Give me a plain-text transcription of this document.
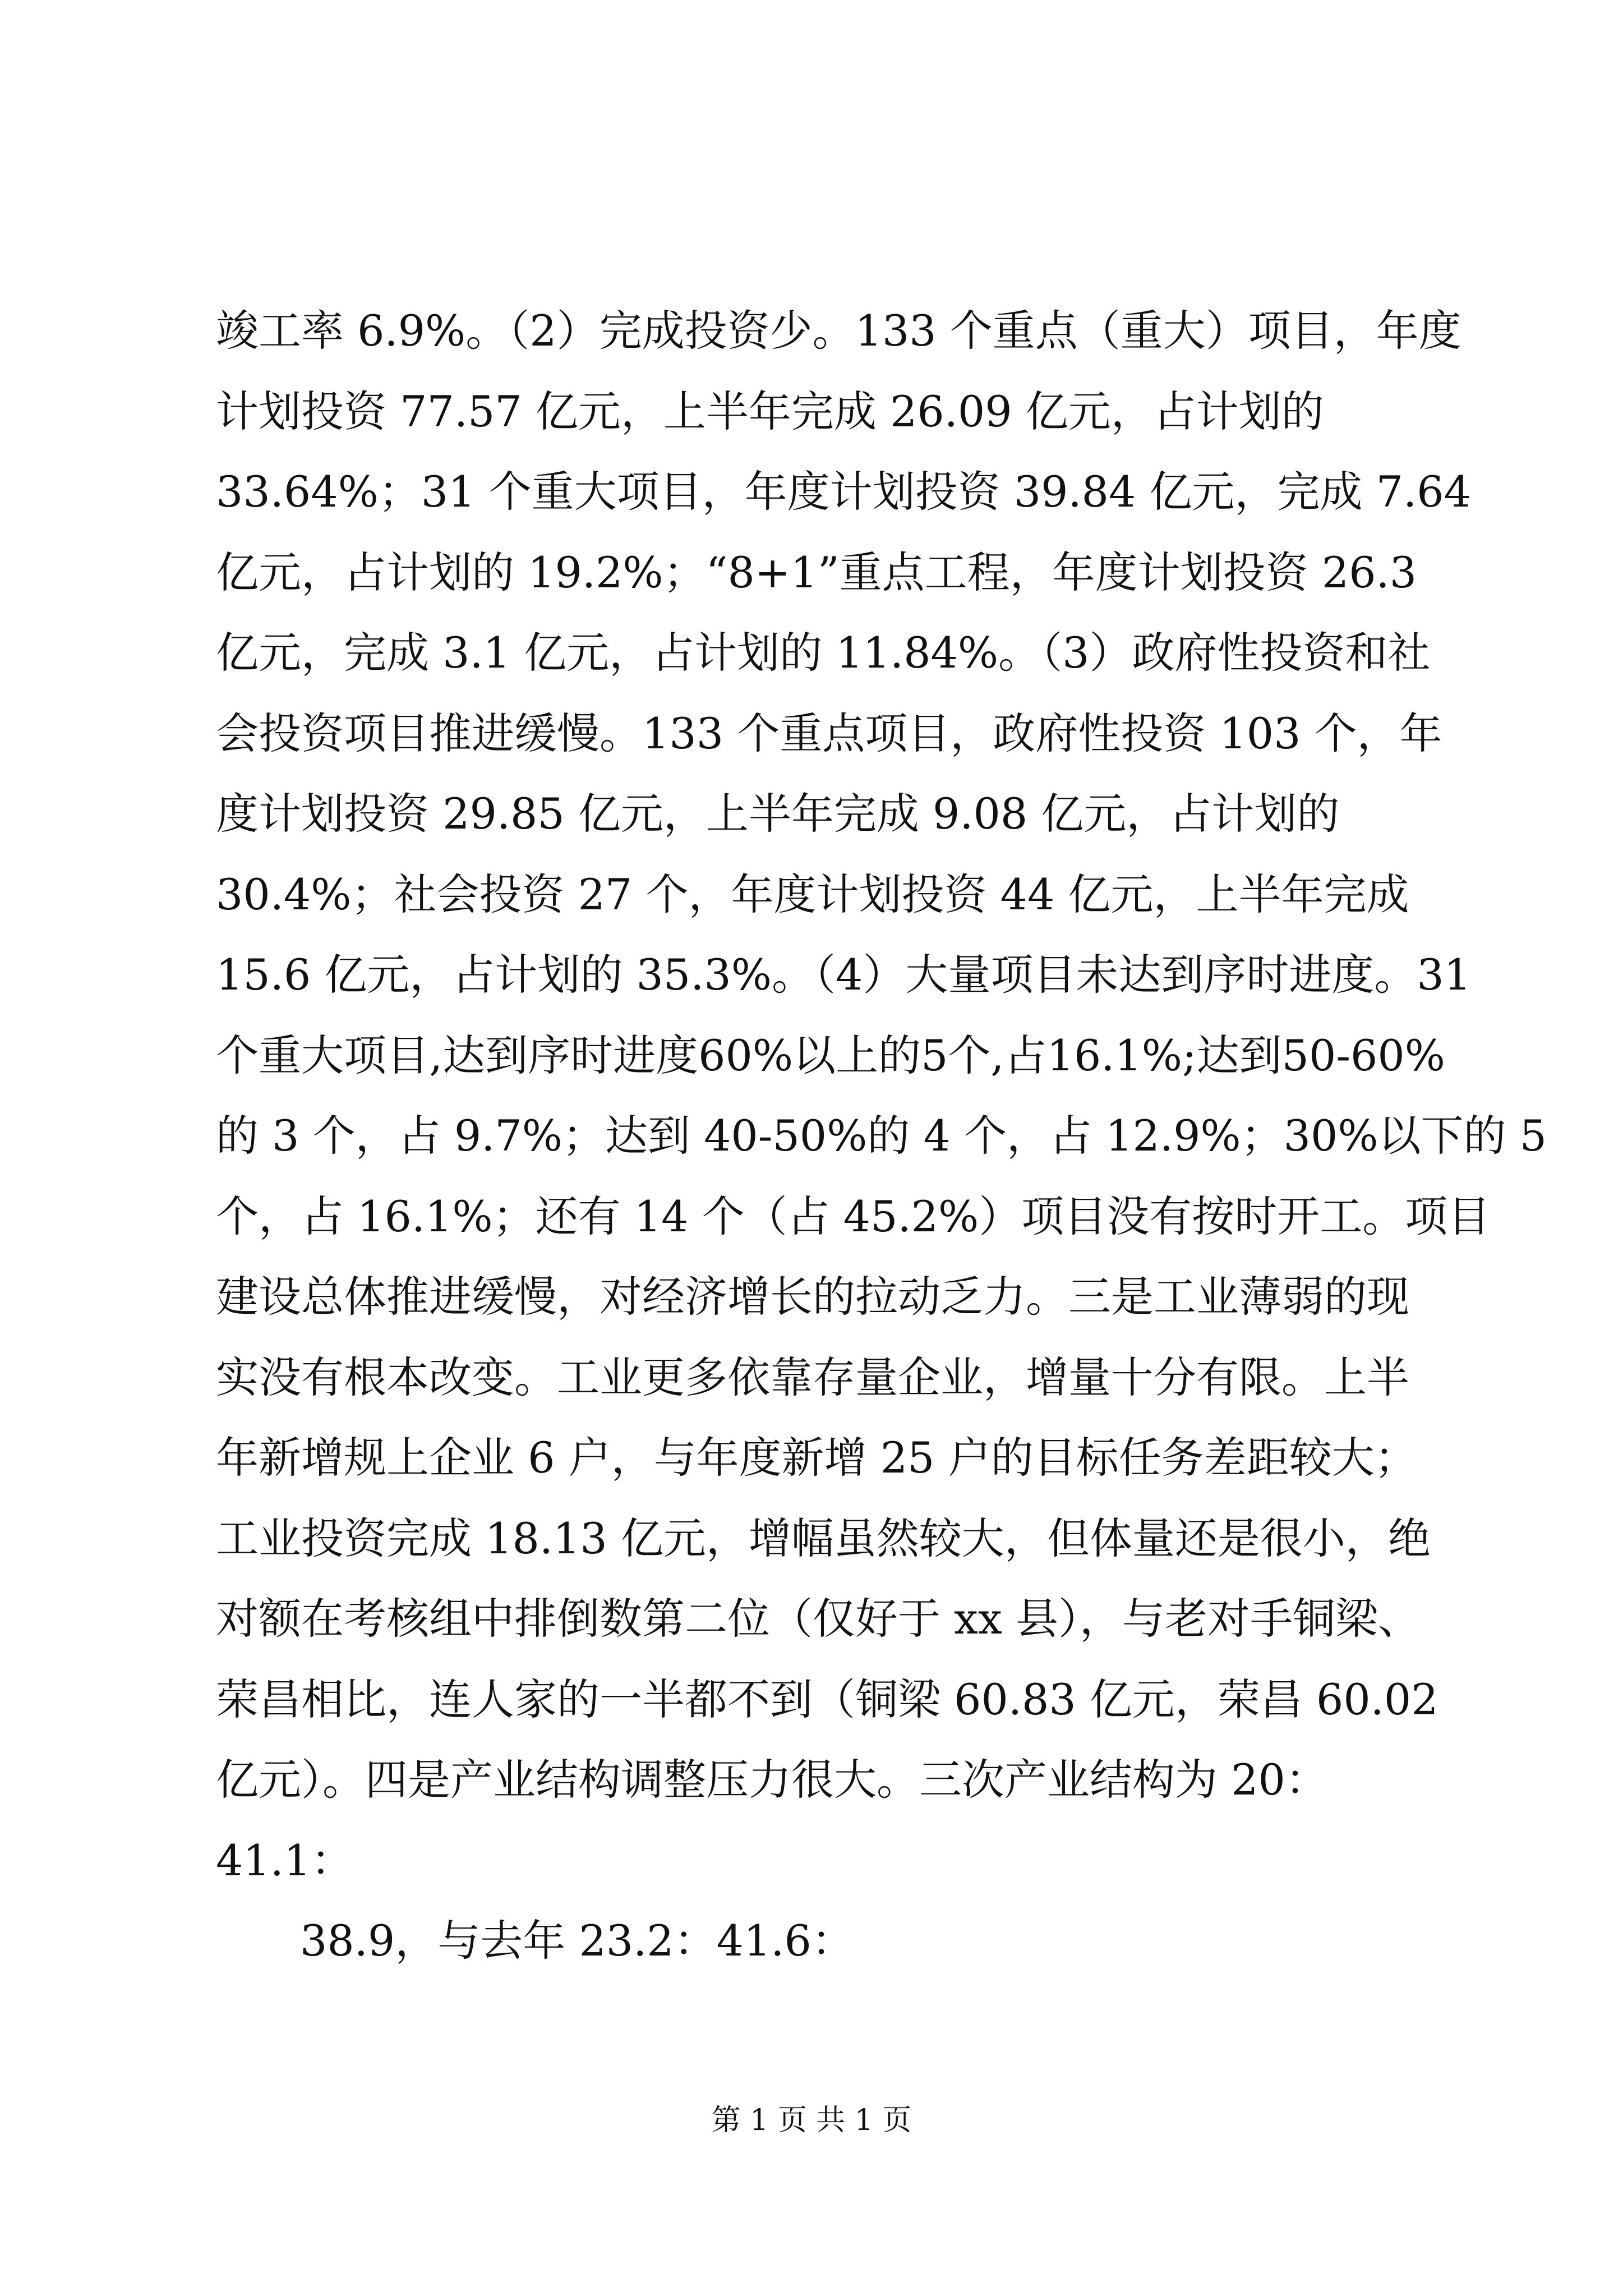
竣工率 6.9%。（2）完成投资少。133 个重点（重大）项目，年度
计划投资 77.57 亿元，上半年完成 26.09 亿元，占计划的
33.64%；31 个重大项目，年度计划投资 39.84 亿元，完成 7.64
亿元，占计划的 19.2%；“8+1”重点工程，年度计划投资 26.3
亿元，完成 3.1 亿元，占计划的 11.84%。（3）政府性投资和社
会投资项目推进缓慢。133 个重点项目，政府性投资 103 个，年
度计划投资 29.85 亿元，上半年完成 9.08 亿元，占计划的
30.4%；社会投资 27 个，年度计划投资 44 亿元，上半年完成
15.6 亿元，占计划的 35.3%。（4）大量项目未达到序时进度。31
个重大项目,达到序时进度60%以上的5个,占16.1%;达到50-60%
的 3 个，占 9.7%；达到 40-50%的 4 个，占 12.9%；30%以下的 5
个，占 16.1%；还有 14 个（占 45.2%）项目没有按时开工。项目
建设总体推进缓慢，对经济增长的拉动乏力。三是工业薄弱的现
实没有根本改变。工业更多依靠存量企业，增量十分有限。上半
年新增规上企业 6 户，与年度新增 25 户的目标任务差距较大；
工业投资完成 18.13 亿元，增幅虽然较大，但体量还是很小，绝
对额在考核组中排倒数第二位（仅好于 xx 县），与老对手铜梁、
荣昌相比，连人家的一半都不到（铜梁 60.83 亿元，荣昌 60.02
亿元）。四是产业结构调整压力很大。三次产业结构为 20：
41.1：
38.9，与去年 23.2：41.6：
第 1 页 共 1 页
